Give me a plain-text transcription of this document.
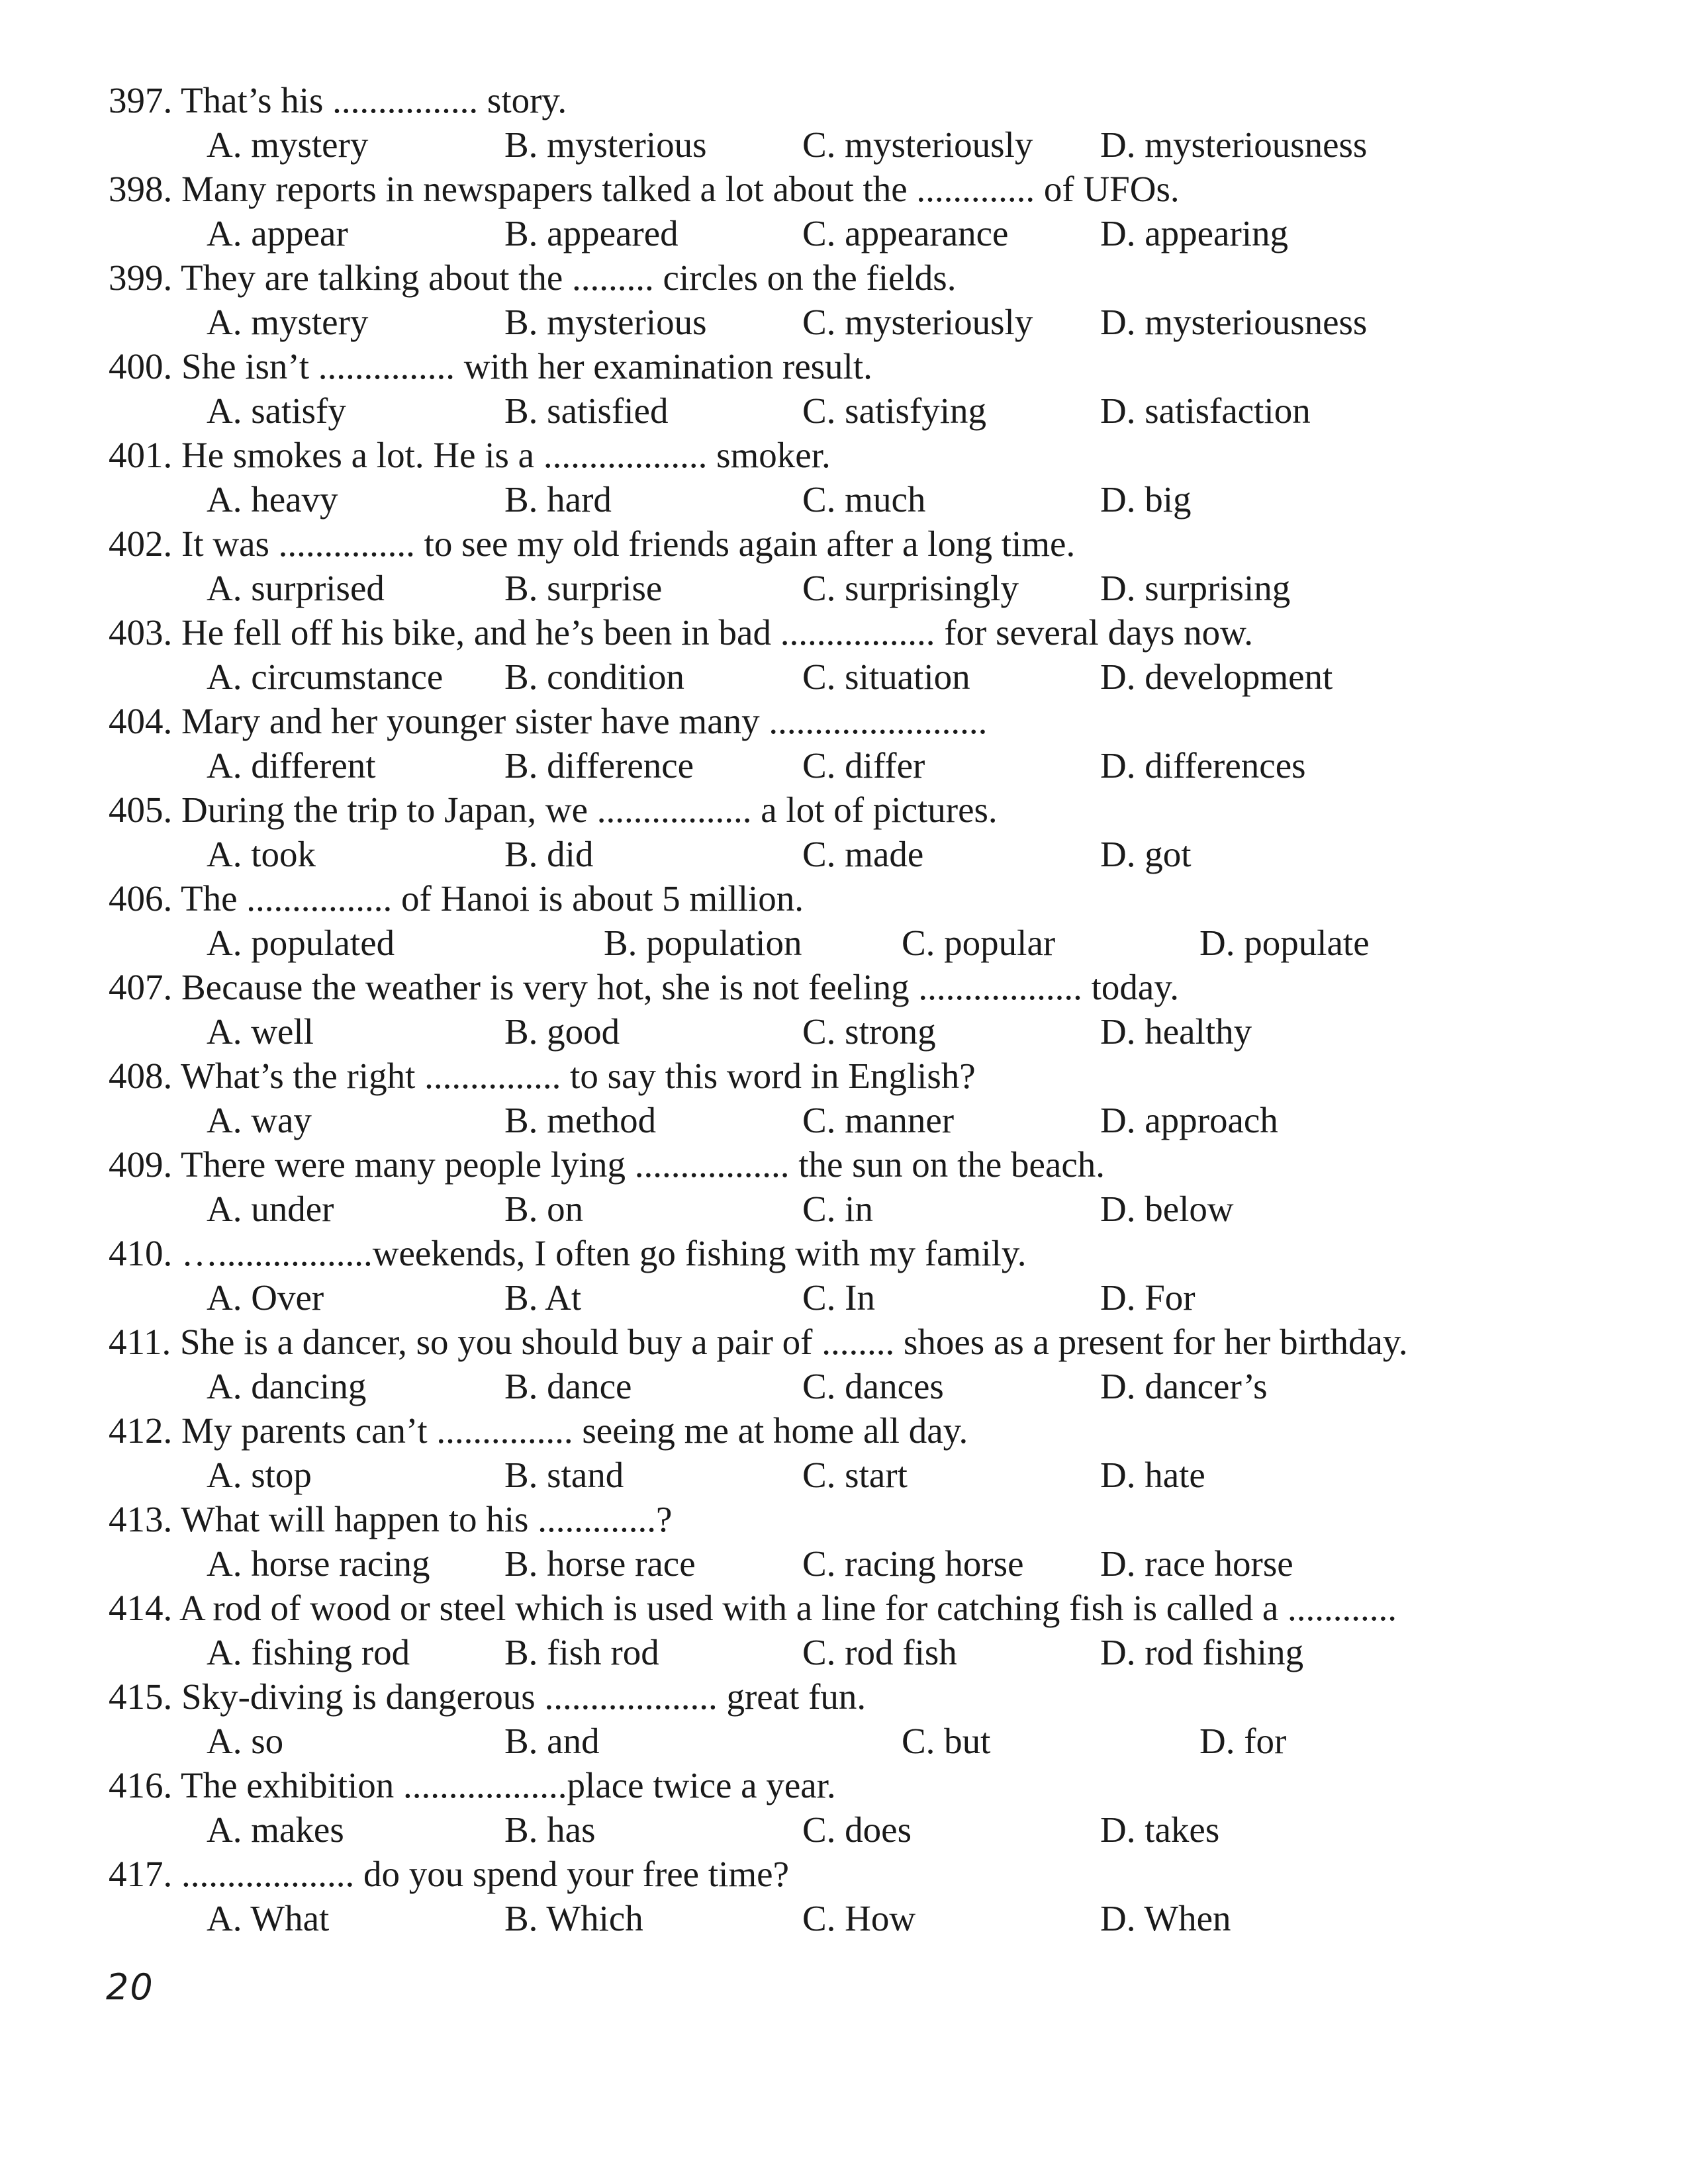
397. That’s his ................ story.
A. mystery	B. mysterious	C. mysteriously D. mysteriousness
398. Many reports in newspapers talked a lot about the ............. of UFOs.
A. appear	B. appeared	C. appearance	D. appearing
399. They are talking about the ......... circles on the fields.
A. mystery	B. mysterious	C. mysteriously D. mysteriousness
400. She isn’t ............... with her examination result.
A. satisfy	B. satisfied	C. satisfying	D. satisfaction
401. He smokes a lot. He is a .................. smoker.
A. heavy	B. hard	C. much	D. big
402. It was ............... to see my old friends again after a long time.
A. surprised	B. surprise	C. surprisingly D. surprising
403. He fell off his bike, and he’s been in bad ................. for several days now.
A. circumstance B. condition	C. situation	D. development
404. Mary and her younger sister have many ........................
A. different	B. difference	C. differ	D. differences
405. During the trip to Japan, we ................. a lot of pictures.
A. took	B. did	C. made	D. got
406. The ................ of Hanoi is about 5 million.
A. populated	B. population	C. popular	D. populate
407. Because the weather is very hot, she is not feeling .................. today.
A. well	B. good	C. strong	D. healthy
408. What’s the right ............... to say this word in English?
A. way	B. method	C. manner	D. approach
409. There were many people lying ................. the sun on the beach.
A. under	B. on	C. in	D. below
410. ….................weekends, I often go fishing with my family.
A. Over	B. At	C. In	D. For
411. She is a dancer, so you should buy a pair of ........ shoes as a present for her birthday.
A. dancing	B. dance	C. dances	D. dancer’s
412. My parents can’t ............... seeing me at home all day.
A. stop	B. stand	C. start	D. hate
413. What will happen to his .............?
A. horse racing B. horse race	C. racing horse D. race horse
414. A rod of wood or steel which is used with a line for catching fish is called a ............
A. fishing rod	B. fish rod	C. rod fish	D. rod fishing
415. Sky-diving is dangerous ................... great fun.
A. so	B. and	C. but	D. for
416. The exhibition ..................place twice a year.
A. makes	B. has	C. does	D. takes
417. ................... do you spend your free time?
A. What	B. Which	C. How	D. When
20
